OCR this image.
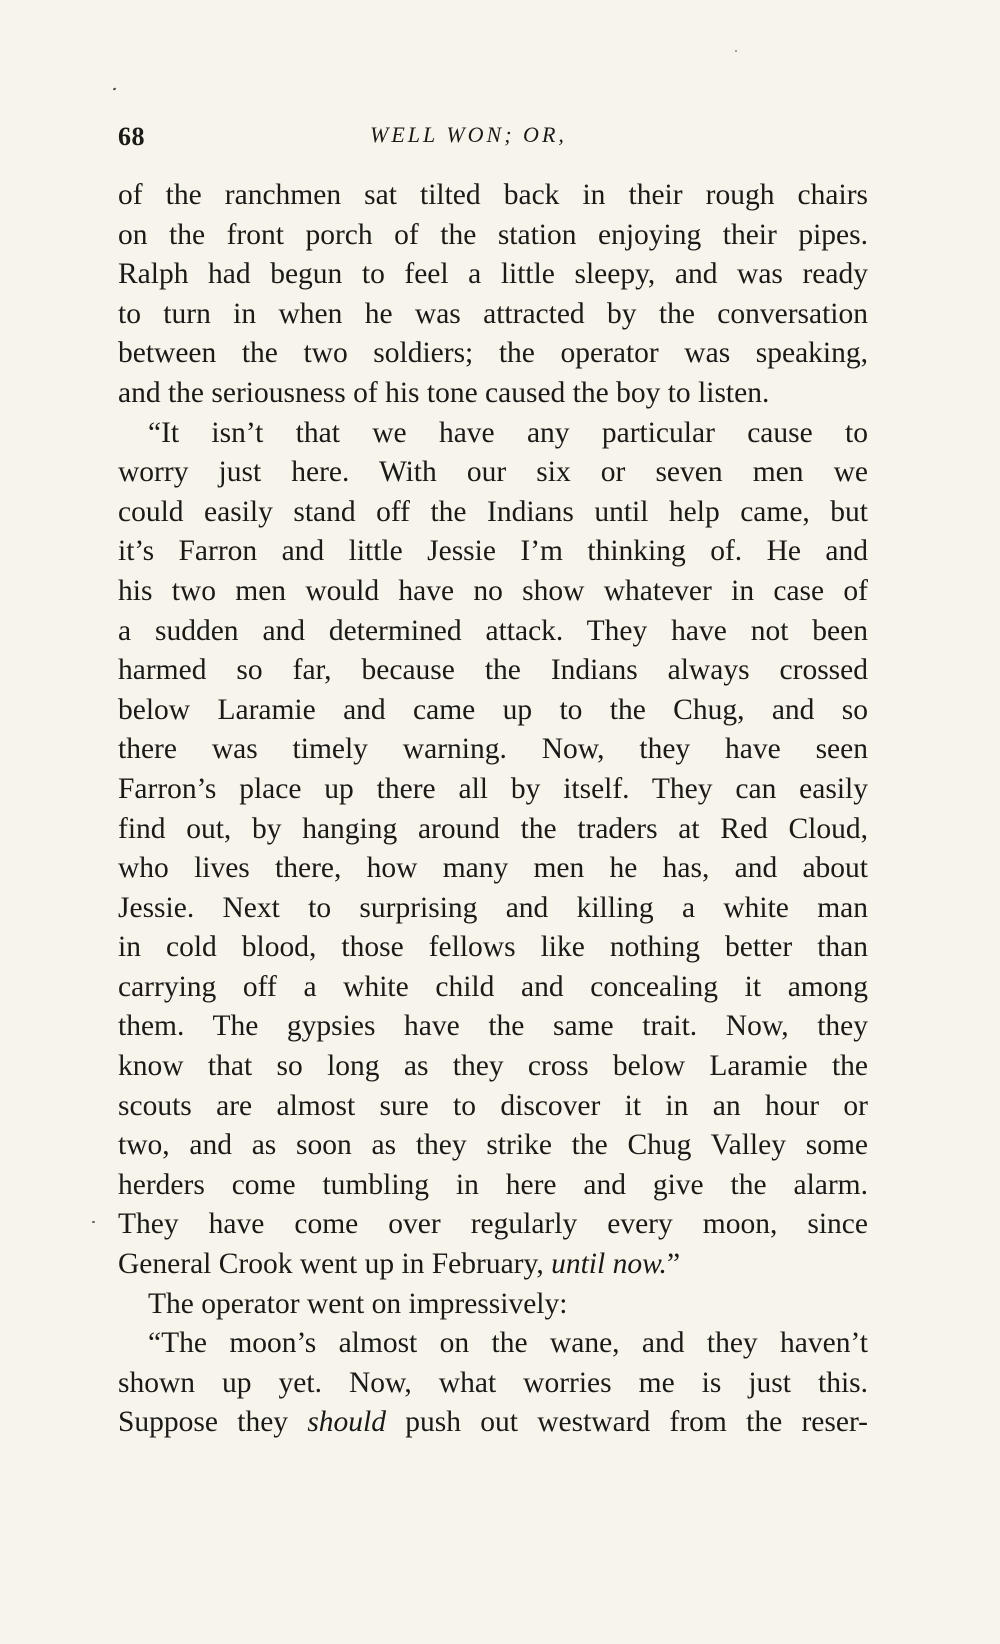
68	WELL WON; OR,
of the ranchmen sat tilted back in their rough chairs
on the front porch of the station enjoying their pipes.
Ralph had begun to feel a little sleepy, and was ready
to turn in when he was attracted by the conversation
between the two soldiers; the operator was speaking,
and the seriousness of his tone caused the boy to listen.
“It isn’t that we have any particular cause to
worry just here. With our six or seven men we
could easily stand off the Indians until help came, but
it’s Farron and little Jessie I’m thinking of. He and
his two men would have no show whatever in case of
a sudden and determined attack. They have not been
harmed so far, because the Indians always crossed
below Laramie and came up to the Chug, and so
there was timely warning. Now, they have seen
Farron’s place up there all by itself. They can easily
find out, by hanging around the traders at Red Cloud,
who lives there, how many men he has, and about
Jessie. Next to surprising and killing a white man
in cold blood, those fellows like nothing better than
carrying off a white child and concealing it among
them. The gypsies have the same trait. Now, they
know that so long as they cross below Laramie the
scouts are almost sure to discover it in an hour or
two, and as soon as they strike the Chug Valley some
herders come tumbling in here and give the alarm.
They have come over regularly every moon, since
General Crook went up in February, until now.”
The operator went on impressively:
“The moon’s almost on the wane, and they haven’t
shown up yet. Now, what worries me is just this.
Suppose they should push out westward from the reser-
